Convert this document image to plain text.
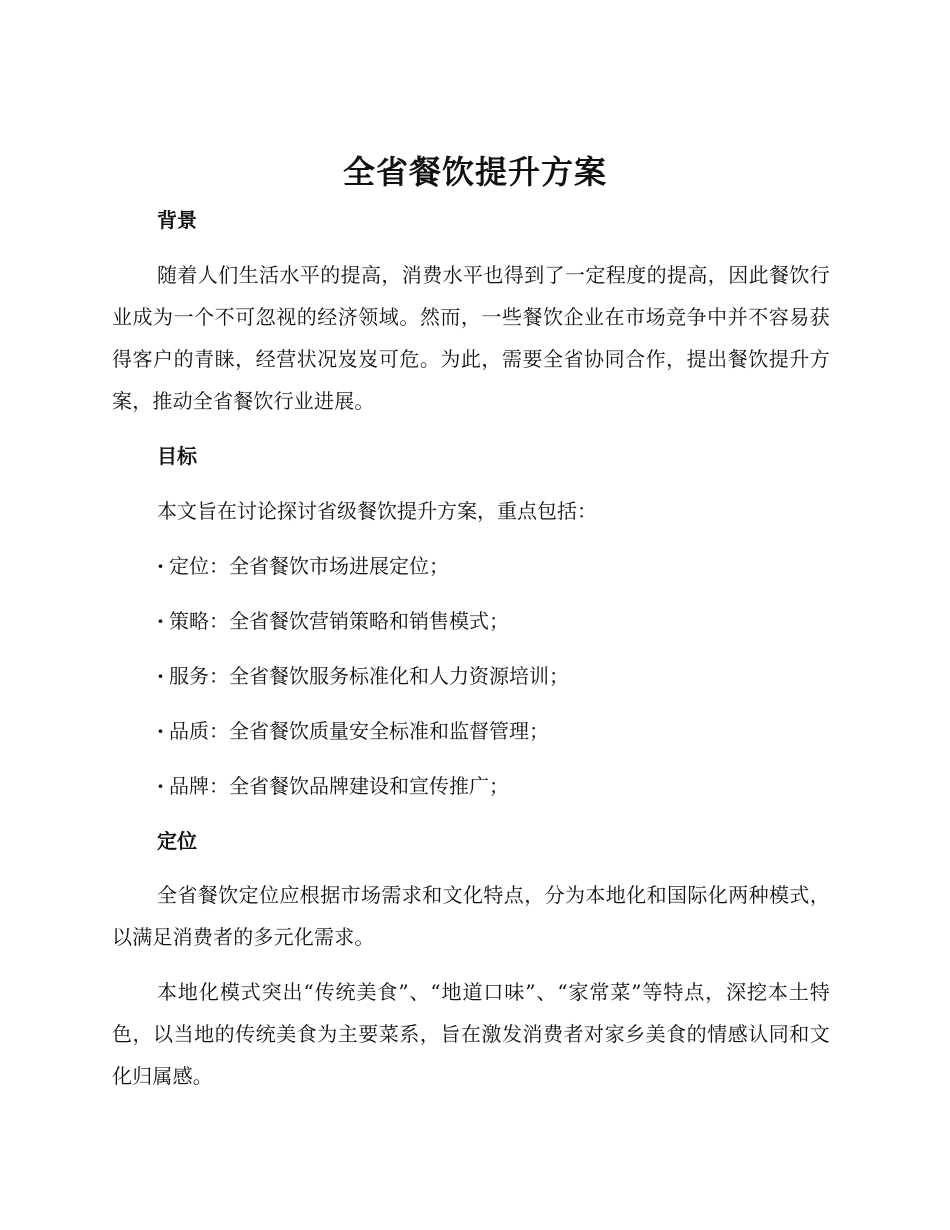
全省餐饮提升方案
背景

随着人们生活水平的提高，消费水平也得到了一定程度的提高，因此餐饮行业成为一个不可忽视的经济领域。然而，一些餐饮企业在市场竞争中并不容易获得客户的青睐，经营状况岌岌可危。为此，需要全省协同合作，提出餐饮提升方案，推动全省餐饮行业进展。

目标

本文旨在讨论探讨省级餐饮提升方案，重点包括：

· 定位：全省餐饮市场进展定位；

· 策略：全省餐饮营销策略和销售模式；

· 服务：全省餐饮服务标准化和人力资源培训；

· 品质：全省餐饮质量安全标准和监督管理；

· 品牌：全省餐饮品牌建设和宣传推广；

定位

全省餐饮定位应根据市场需求和文化特点，分为本地化和国际化两种模式，以满足消费者的多元化需求。

本地化模式突出“传统美食”、“地道口味”、“家常菜”等特点，深挖本土特色，以当地的传统美食为主要菜系，旨在激发消费者对家乡美食的情感认同和文化归属感。
